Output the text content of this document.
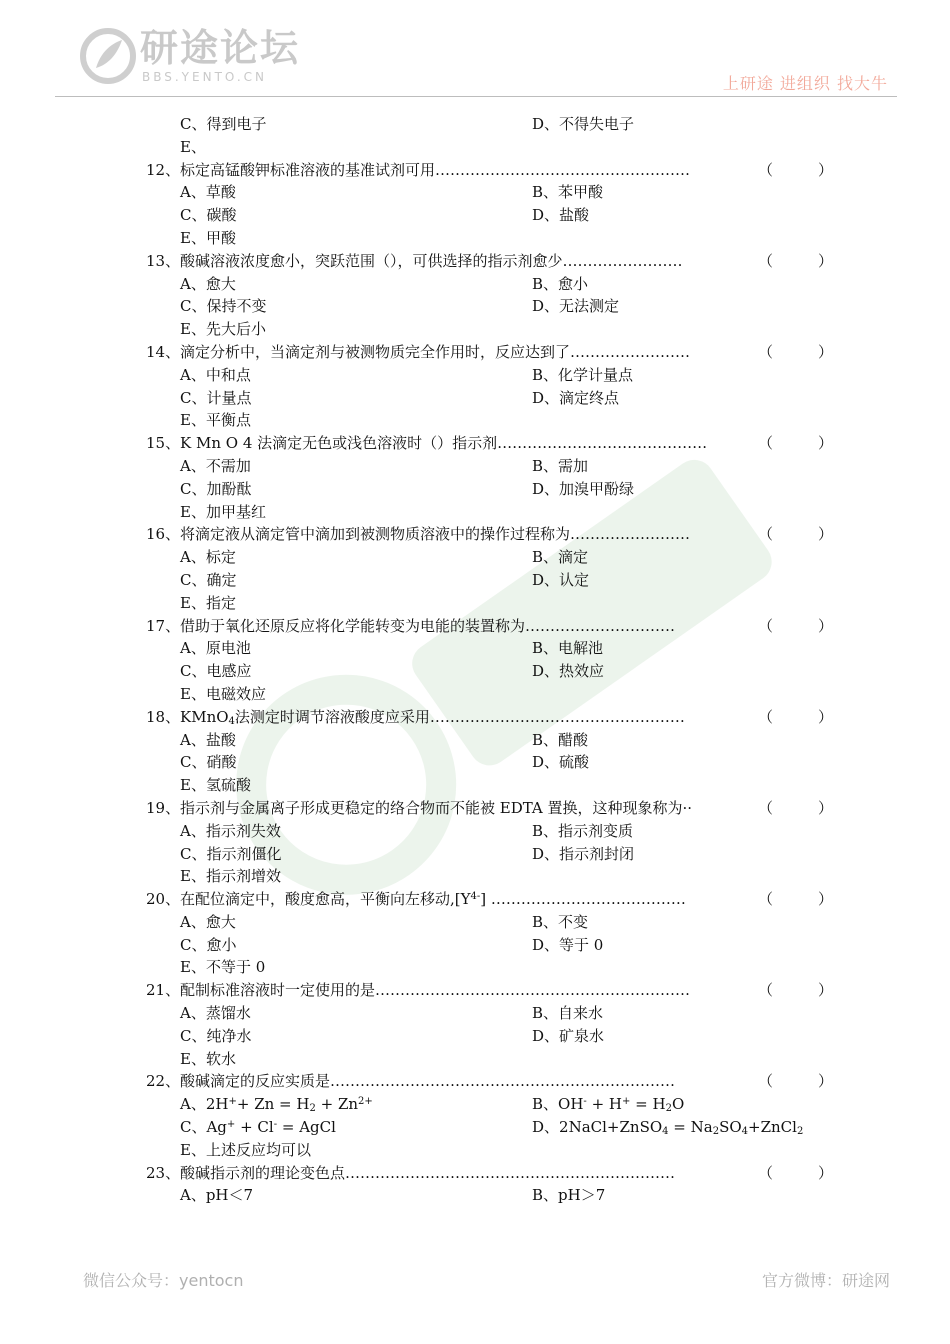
研途论坛
BBS.YENTO.CN	上研途 进组织 找大牛
C、得到电子	D、不得失电子
E、
12、 标定高锰酸钾标准溶液的基准试剂可用……………………………………………	（	）
A、草酸	B、苯甲酸
C、碳酸	D、盐酸
E、甲酸
13、 酸碱溶液浓度愈小，突跃范围（），可供选择的指示剂愈少……………………	（	）
A、愈大	B、愈小
C、保持不变	D、无法测定
E、先大后小
14、 滴定分析中，当滴定剂与被测物质完全作用时，反应达到了……………………	（	）
A、中和点	B、化学计量点
C、计量点	D、滴定终点
E、平衡点
15、 K Mn O 4 法滴定无色或浅色溶液时（）指示剂……………………………………	（	）
A、不需加	B、需加
C、加酚酞	D、加溴甲酚绿
E、加甲基红
16、 将滴定液从滴定管中滴加到被测物质溶液中的操作过程称为……………………	（	）
A、标定	B、滴定
C、确定	D、认定
E、指定
17、 借助于氧化还原反应将化学能转变为电能的装置称为…………………………	（	）
A、原电池	B、电解池
C、电感应	D、热效应
E、电磁效应
18、 KMnO$_4$法测定时调节溶液酸度应采用……………………………………………	（	）
A、盐酸	B、醋酸
C、硝酸	D、硫酸
E、氢硫酸
19、 指示剂与金属离子形成更稳定的络合物而不能被 EDTA 置换，这种现象称为··	（	）
A、指示剂失效	B、指示剂变质
C、指示剂僵化	D、指示剂封闭
E、指示剂增效
20、 在配位滴定中，酸度愈高，平衡向左移动$,[Y^{4-}]$ …………………………………	（	）
A、愈大	B、不变
C、愈小	D、等于 0
E、不等于 0
21、 配制标准溶液时一定使用的是………………………………………………………	（	）
A、蒸馏水	B、自来水
C、纯净水	D、矿泉水
E、软水
22、 酸碱滴定的反应实质是……………………………………………………………	（	）
A、$2H^++ Zn = H_2 + Zn^{2+}$	B、$OH^- + H^+ = H_2O$
C、Ag+ + Cl- = AgCl	D、2NaCl+ZnSO$_4$ = $Na_2SO_4+ZnCl_2$
E、上述反应均可以
23、 酸碱指示剂的理论变色点…………………………………………………………	（	）
A、pH＜7	B、pH＞7
微信公众号：yentocn	官方微博：研途网
